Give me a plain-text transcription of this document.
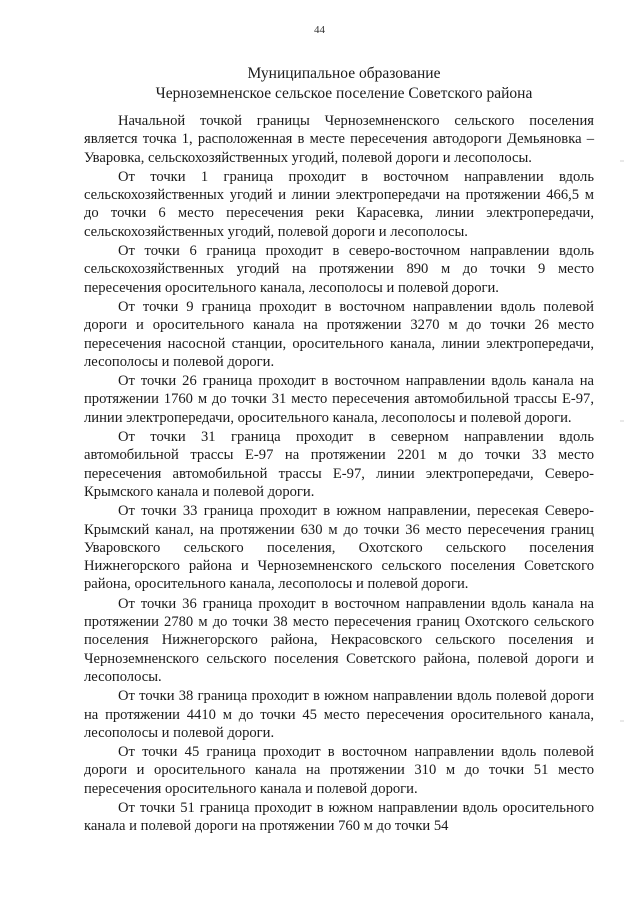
44
Муниципальное образование
Черноземненское сельское поселение Советского района

Начальной точкой границы Черноземненского сельского поселения является точка 1, расположенная в месте пересечения автодороги Демьяновка – Уваровка, сельскохозяйственных угодий, полевой дороги и лесополосы.

От точки 1 граница проходит в восточном направлении вдоль сельскохозяйственных угодий и линии электропередачи на протяжении 466,5 м до точки 6 место пересечения реки Карасевка, линии электропередачи, сельскохозяйственных угодий, полевой дороги и лесополосы.

От точки 6 граница проходит в северо-восточном направлении вдоль сельскохозяйственных угодий на протяжении 890 м до точки 9 место пересечения оросительного канала, лесополосы и полевой дороги.

От точки 9 граница проходит в восточном направлении вдоль полевой дороги и оросительного канала на протяжении 3270 м до точки 26 место пересечения насосной станции, оросительного канала, линии электропередачи, лесополосы и полевой дороги.

От точки 26 граница проходит в восточном направлении вдоль канала на протяжении 1760 м до точки 31 место пересечения автомобильной трассы Е-97, линии электропередачи, оросительного канала, лесополосы и полевой дороги.

От точки 31 граница проходит в северном направлении вдоль автомобильной трассы Е-97 на протяжении 2201 м до точки 33 место пересечения автомобильной трассы Е-97, линии электропередачи, Северо-Крымского канала и полевой дороги.

От точки 33 граница проходит в южном направлении, пересекая Северо-Крымский канал, на протяжении 630 м до точки 36 место пересечения границ Уваровского сельского поселения, Охотского сельского поселения Нижнегорского района и Черноземненского сельского поселения Советского района, оросительного канала, лесополосы и полевой дороги.

От точки 36 граница проходит в восточном направлении вдоль канала на протяжении 2780 м до точки 38 место пересечения границ Охотского сельского поселения Нижнегорского района, Некрасовского сельского поселения и Черноземненского сельского поселения Советского района, полевой дороги и лесополосы.

От точки 38 граница проходит в южном направлении вдоль полевой дороги на протяжении 4410 м до точки 45 место пересечения оросительного канала, лесополосы и полевой дороги.

От точки 45 граница проходит в восточном направлении вдоль полевой дороги и оросительного канала на протяжении 310 м до точки 51 место пересечения оросительного канала и полевой дороги.

От точки 51 граница проходит в южном направлении вдоль оросительного канала и полевой дороги на протяжении 760 м до точки 54
